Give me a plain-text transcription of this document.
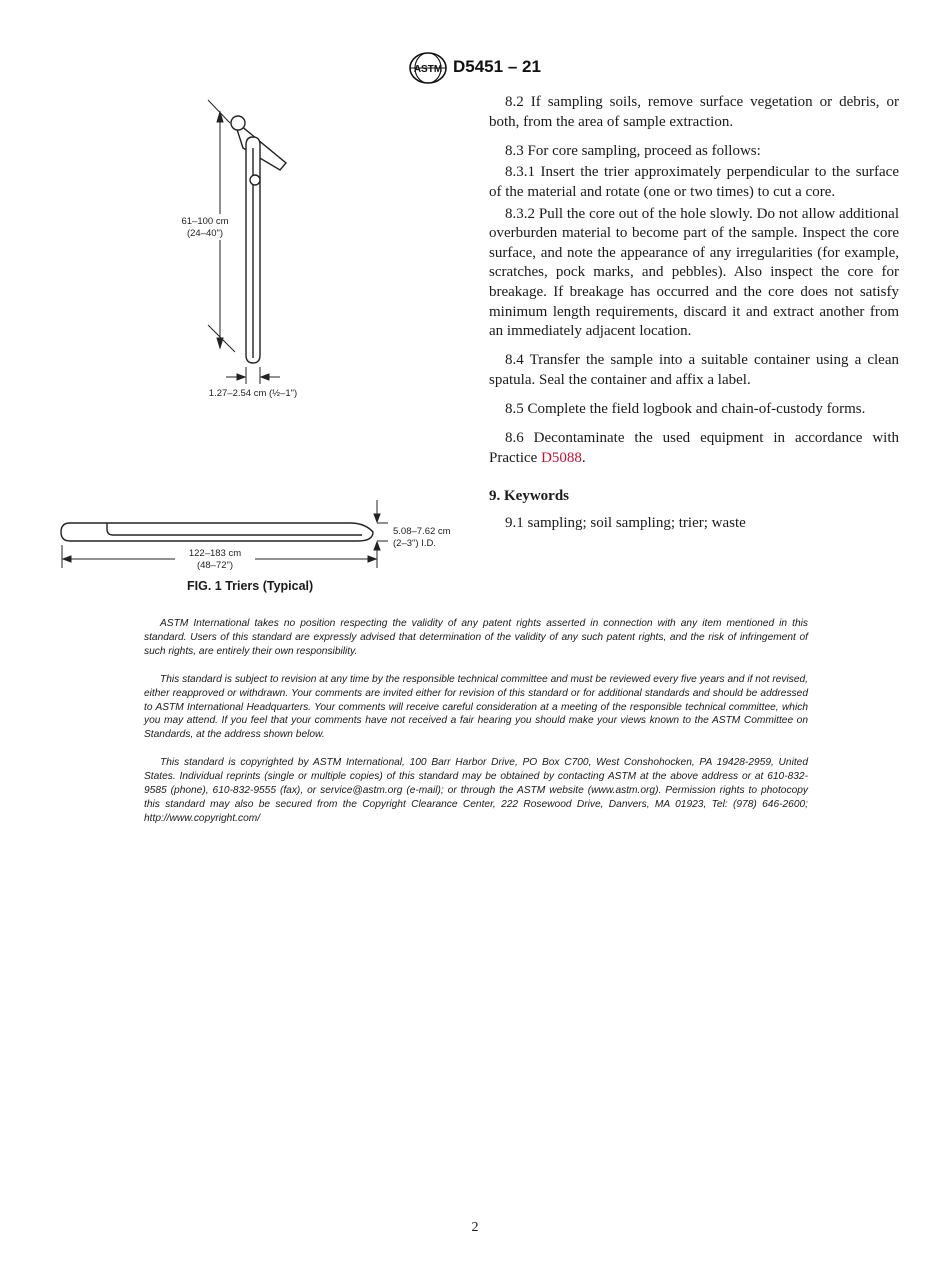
ASTM D5451 – 21
61–100 cm
(24–40")
1.27–2.54 cm (½–1")
5.08–7.62 cm
(2–3") I.D.
122–183 cm
(48–72")
FIG. 1 Triers (Typical)

8.2 If sampling soils, remove surface vegetation or debris, or both, from the area of sample extraction.

8.3 For core sampling, proceed as follows:

8.3.1 Insert the trier approximately perpendicular to the surface of the material and rotate (one or two times) to cut a core.

8.3.2 Pull the core out of the hole slowly. Do not allow additional overburden material to become part of the sample. Inspect the core surface, and note the appearance of any irregularities (for example, scratches, pock marks, and pebbles). Also inspect the core for breakage. If breakage has occurred and the core does not satisfy minimum length requirements, discard it and extract another from an immediately adjacent location.

8.4 Transfer the sample into a suitable container using a clean spatula. Seal the container and affix a label.

8.5 Complete the field logbook and chain-of-custody forms.

8.6 Decontaminate the used equipment in accordance with Practice D5088.

9. Keywords

9.1 sampling; soil sampling; trier; waste

ASTM International takes no position respecting the validity of any patent rights asserted in connection with any item mentioned in this standard. Users of this standard are expressly advised that determination of the validity of any such patent rights, and the risk of infringement of such rights, are entirely their own responsibility.

This standard is subject to revision at any time by the responsible technical committee and must be reviewed every five years and if not revised, either reapproved or withdrawn. Your comments are invited either for revision of this standard or for additional standards and should be addressed to ASTM International Headquarters. Your comments will receive careful consideration at a meeting of the responsible technical committee, which you may attend. If you feel that your comments have not received a fair hearing you should make your views known to the ASTM Committee on Standards, at the address shown below.

This standard is copyrighted by ASTM International, 100 Barr Harbor Drive, PO Box C700, West Conshohocken, PA 19428-2959, United States. Individual reprints (single or multiple copies) of this standard may be obtained by contacting ASTM at the above address or at 610-832-9585 (phone), 610-832-9555 (fax), or service@astm.org (e-mail); or through the ASTM website (www.astm.org). Permission rights to photocopy this standard may also be secured from the Copyright Clearance Center, 222 Rosewood Drive, Danvers, MA 01923, Tel: (978) 646-2600; http://www.copyright.com/

2
